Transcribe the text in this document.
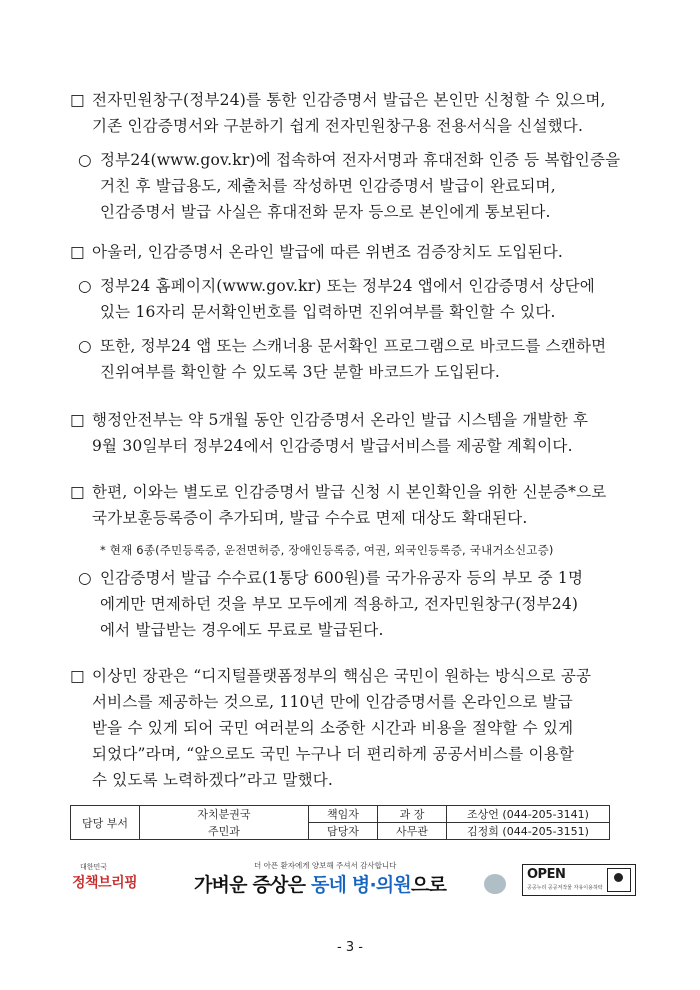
□ 전자민원창구(정부24)를 통한 인감증명서 발급은 본인만 신청할 수 있으며,
기존 인감증명서와 구분하기 쉽게 전자민원창구용 전용서식을 신설했다.
○ 정부24(www.gov.kr)에 접속하여 전자서명과 휴대전화 인증 등 복합인증을
거친 후 발급용도, 제출처를 작성하면 인감증명서 발급이 완료되며,
인감증명서 발급 사실은 휴대전화 문자 등으로 본인에게 통보된다.
□ 아울러, 인감증명서 온라인 발급에 따른 위변조 검증장치도 도입된다.
○ 정부24 홈페이지(www.gov.kr) 또는 정부24 앱에서 인감증명서 상단에
있는 16자리 문서확인번호를 입력하면 진위여부를 확인할 수 있다.
○ 또한, 정부24 앱 또는 스캐너용 문서확인 프로그램으로 바코드를 스캔하면
진위여부를 확인할 수 있도록 3단 분할 바코드가 도입된다.
□ 행정안전부는 약 5개월 동안 인감증명서 온라인 발급 시스템을 개발한 후
9월 30일부터 정부24에서 인감증명서 발급서비스를 제공할 계획이다.
□ 한편, 이와는 별도로 인감증명서 발급 신청 시 본인확인을 위한 신분증*으로
국가보훈등록증이 추가되며, 발급 수수료 면제 대상도 확대된다.
* 현재 6종(주민등록증, 운전면허증, 장애인등록증, 여권, 외국인등록증, 국내거소신고증)
○ 인감증명서 발급 수수료(1통당 600원)를 국가유공자 등의 부모 중 1명
에게만 면제하던 것을 부모 모두에게 적용하고, 전자민원창구(정부24)
에서 발급받는 경우에도 무료로 발급된다.
□ 이상민 장관은 “디지털플랫폼정부의 핵심은 국민이 원하는 방식으로 공공
서비스를 제공하는 것으로, 110년 만에 인감증명서를 온라인으로 발급
받을 수 있게 되어 국민 여러분의 소중한 시간과 비용을 절약할 수 있게
되었다”라며, “앞으로도 국민 누구나 더 편리하게 공공서비스를 이용할
수 있도록 노력하겠다”라고 말했다.
담당 부서	자치분권국	책임자	과 장	조상언 (044-205-3141)
	주민과	담당자	사무관	김정희 (044-205-3151)
대한민국
정책브리핑
더 아픈 환자에게 양보해 주셔서 감사합니다
가벼운 증상은 동네 병·의원으로	OPEN
공공누리 공공저작물 자유이용허락
- 3 -
